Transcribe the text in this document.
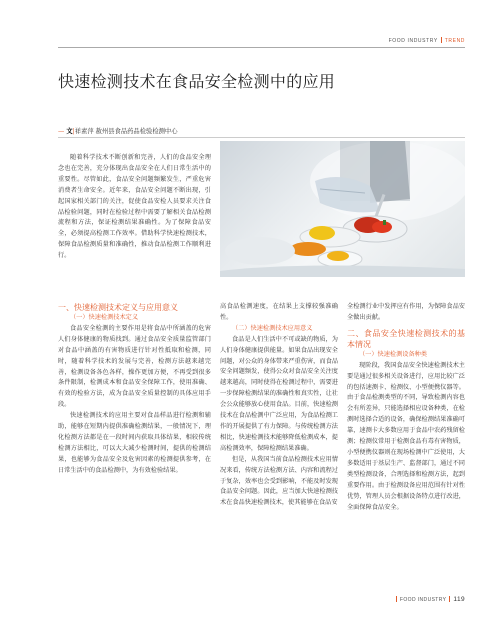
FOOD INDUSTRY TREND
快速检测技术在食品安全检测中的应用
— 文|祥素萍 赦州县食品药品检验检测中心

随着科学技术不断创新和完善，人们的食品安全理念也在完善，充分体现出食品安全在人们日常生活中的重要性。尽管如此，食品安全问题频繁发生，严重危害消费者生命安全。近年来，食品安全问题不断出现，引起国家相关部门的关注，促使食品安检人员要求关注食品检验问题，同时在检验过程中需要了解相关食品检测流程和方法，保证检测结果准确性。为了保障食品安全，必须提高检测工作效率。借助科学快速检测技术，保障食品检测质量和准确性，推动食品检测工作顺利进行。

一、快速检测技术定义与应用意义
（一）快速检测技术定义

食品安全检测的主要作用是将食品中所涵盖的危害人们身体健康的物质找到。通过食品安全质量监管部门对食品中涵盖的有害物质进行针对性抵取和检测，同时，随着科学技术的发展与完善，检测方法越来越完善，检测设备各色各样，操作更加方便，不再受到很多条件限制，检测成本和食品安全保障工作，使用准确、有效的检验方法，成为食品安全质量控制的具体应用手段。

快速检测技术的应用主要对食品样品进行检测和辅助，能够在短期内提供准确检测结果，一般情况下，理化检测方法都是在一段时间内获取具体结果，相较传统检测方法相比，可以大大减少检测时间，提供的检测结果，也能够为食品安全及危害因素的检测提供参考，在日常生活中的食品检测中，为有效检验结果。

高食品检测速度，在结果上支撑较强准确性。

（二）快速检测技术应用意义

食品是人们生活中不可或缺的物质，为人们身体健康提供能量。如果食品出现安全问题，对公众的身体带来严重伤害，而食品安全问题频发，使得公众对食品安全关注度越来越高，同时使得在检测过程中，需要进一步保障检测结果的准确性和真实性，让社会公众能够放心使用食品。目前，快速检测技术在食品检测中广泛应用，为食品检测工作的开展提供了有力保障。与传统检测方法相比，快速检测技术能够降低检测成本，提高检测效率，保障检测结果准确。

但是，从我国当前食品检测技术应用情况来看，传统方法检测方法、内容和流程过于复杂，效率也会受到影响，不能及时发现食品安全问题。因此，应当加大快速检测技术在食品快速检测技术，使其能够在食品安

全检测行业中发挥应有作用，为保障食品安全做出贡献。

二、食品安全快速检测技术的基本情况
（一）快速检测设备种类

现阶段，我国食品安全快速检测技术主要是通过很多相关设备进行，应用比较广泛的包括速测卡、检测仪、小型便携仪器等。由于食品检测类型的不同，导致检测内容也会有所差异，只能选择相应设备种类，在检测时选择合适的设备，确保检测结果准确可靠，速测卡大多数应用于食品中农药残留检测；检测仪常用于检测食品有毒有害物质，小型便携仪器则在现场检测中广泛使用，大多数适用于基层生产、监督部门，通过不同类型检测设备，合理选择和检测方法，起到重要作用。由于检测设备应用范围有针对性优势，管理人员会根据设备特点进行改进，全面保障食品安全。

FOOD INDUSTRY 119
